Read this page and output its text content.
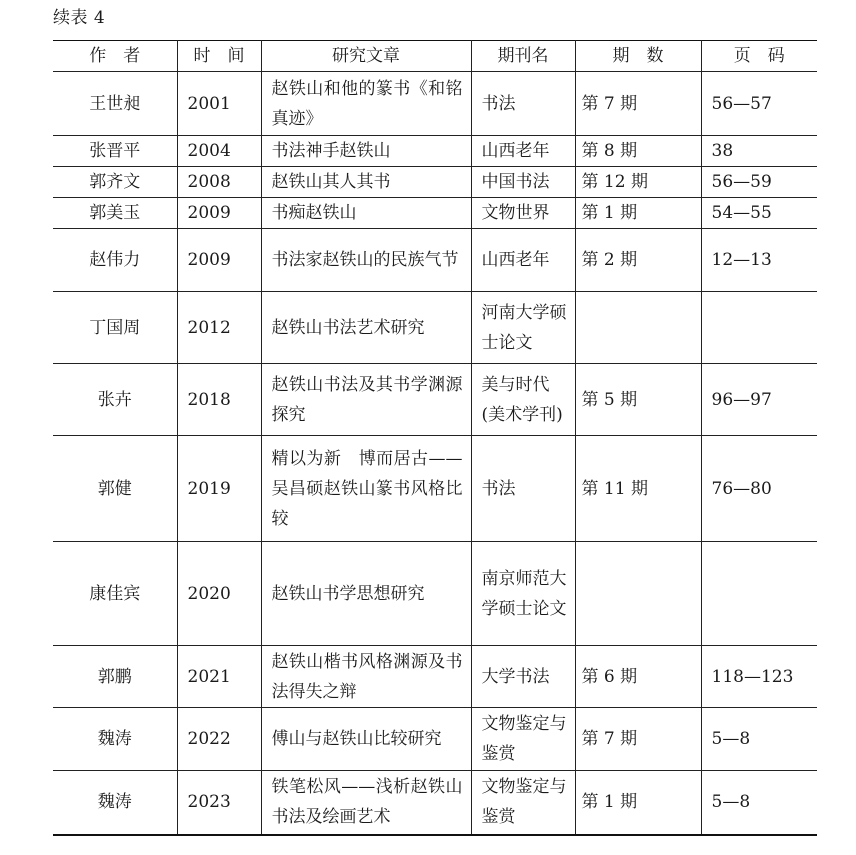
续表 4
作　者	时　间	研究文章	期刊名	期　数	页　码
王世昶	2001	赵铁山和他的篆书《和铭真迹》	书法	第 7 期	56—57
张晋平	2004	书法神手赵铁山	山西老年	第 8 期	38
郭齐文	2008	赵铁山其人其书	中国书法	第 12 期	56—59
郭美玉	2009	书痴赵铁山	文物世界	第 1 期	54—55
赵伟力	2009	书法家赵铁山的民族气节	山西老年	第 2 期	12—13
丁国周	2012	赵铁山书法艺术研究	河南大学硕士论文		
张卉	2018	赵铁山书法及其书学渊源探究	美与时代(美术学刊)	第 5 期	96—97
郭健	2019	精以为新　博而居古——吴昌硕赵铁山篆书风格比较	书法	第 11 期	76—80
康佳宾	2020	赵铁山书学思想研究	南京师范大学硕士论文		
郭鹏	2021	赵铁山楷书风格渊源及书法得失之辩	大学书法	第 6 期	118—123
魏涛	2022	傅山与赵铁山比较研究	文物鉴定与鉴赏	第 7 期	5—8
魏涛	2023	铁笔松风——浅析赵铁山书法及绘画艺术	文物鉴定与鉴赏	第 1 期	5—8
